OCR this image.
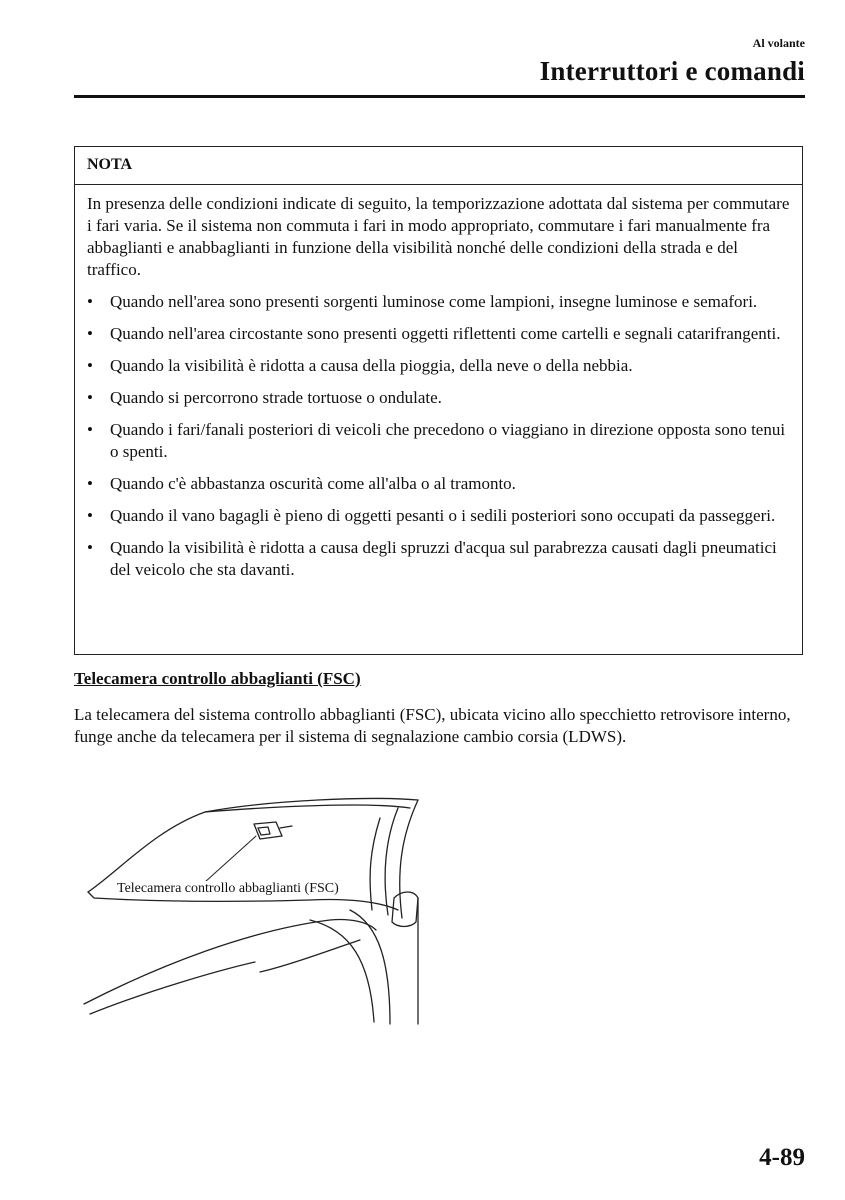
Al volante
Interruttori e comandi
NOTA

In presenza delle condizioni indicate di seguito, la temporizzazione adottata dal sistema per commutare i fari varia. Se il sistema non commuta i fari in modo appropriato, commutare i fari manualmente fra abbaglianti e anabbaglianti in funzione della visibilità nonché delle condizioni della strada e del traffico.

• Quando nell'area sono presenti sorgenti luminose come lampioni, insegne luminose e semafori.
• Quando nell'area circostante sono presenti oggetti riflettenti come cartelli e segnali catarifrangenti.
• Quando la visibilità è ridotta a causa della pioggia, della neve o della nebbia.
• Quando si percorrono strade tortuose o ondulate.
• Quando i fari/fanali posteriori di veicoli che precedono o viaggiano in direzione opposta sono tenui o spenti.
• Quando c'è abbastanza oscurità come all'alba o al tramonto.
• Quando il vano bagagli è pieno di oggetti pesanti o i sedili posteriori sono occupati da passeggeri.
• Quando la visibilità è ridotta a causa degli spruzzi d'acqua sul parabrezza causati dagli pneumatici del veicolo che sta davanti.
Telecamera controllo abbaglianti (FSC)
La telecamera del sistema controllo abbaglianti (FSC), ubicata vicino allo specchietto retrovisore interno, funge anche da telecamera per il sistema di segnalazione cambio corsia (LDWS).
Telecamera controllo abbaglianti (FSC)
4-89
